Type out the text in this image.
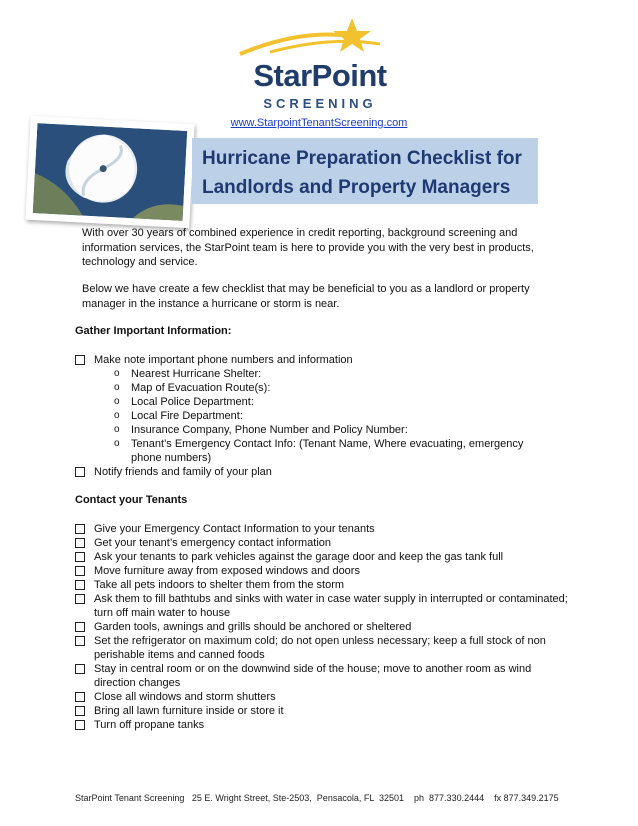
StarPoint
SCREENING
www.StarpointTenantScreening.com
Hurricane Preparation Checklist for
Landlords and Property Managers
With over 30 years of combined experience in credit reporting, background screening and information services, the StarPoint team is here to provide you with the very best in products, technology and service.
Below we have create a few checklist that may be beneficial to you as a landlord or property manager in the instance a hurricane or storm is near.
Gather Important Information:
Make note important phone numbers and information
o Nearest Hurricane Shelter:
o Map of Evacuation Route(s):
o Local Police Department:
o Local Fire Department:
o Insurance Company, Phone Number and Policy Number:
o Tenant’s Emergency Contact Info: (Tenant Name, Where evacuating, emergency phone numbers)
Notify friends and family of your plan
Contact your Tenants
Give your Emergency Contact Information to your tenants
Get your tenant’s emergency contact information
Ask your tenants to park vehicles against the garage door and keep the gas tank full
Move furniture away from exposed windows and doors
Take all pets indoors to shelter them from the storm
Ask them to fill bathtubs and sinks with water in case water supply in interrupted or contaminated; turn off main water to house
Garden tools, awnings and grills should be anchored or sheltered
Set the refrigerator on maximum cold; do not open unless necessary; keep a full stock of non perishable items and canned foods
Stay in central room or on the downwind side of the house; move to another room as wind direction changes
Close all windows and storm shutters
Bring all lawn furniture inside or store it
Turn off propane tanks
StarPoint Tenant Screening   25 E. Wright Street, Ste-2503,  Pensacola, FL  32501    ph  877.330.2444    fx 877.349.2175
